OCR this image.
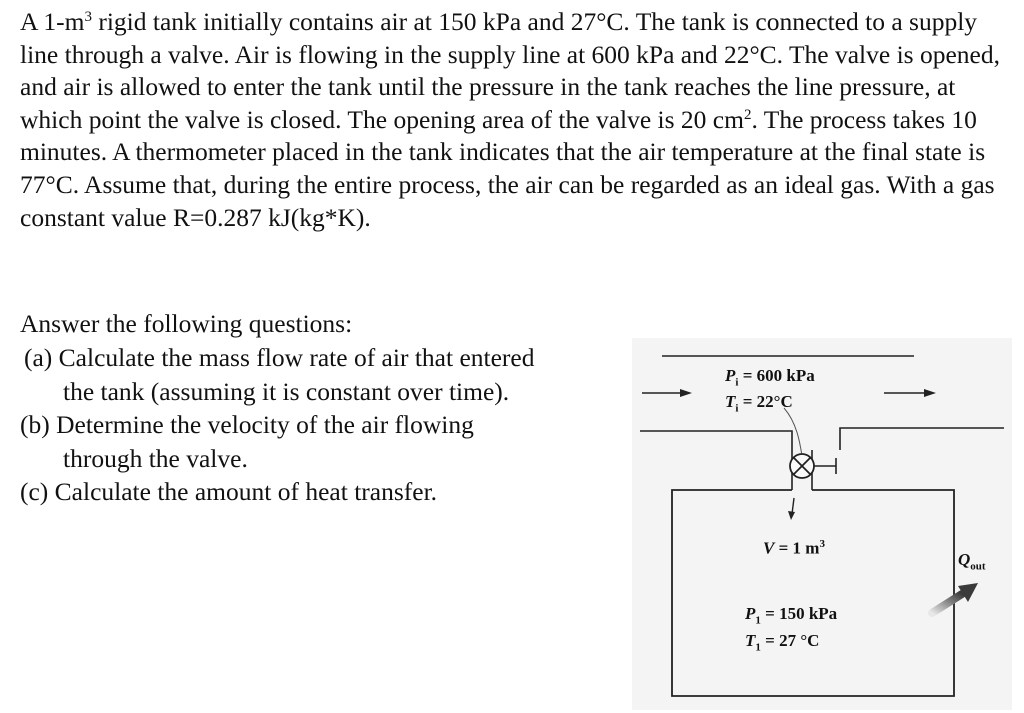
A $1-m^3$ rigid tank initially contains air at 150 kPa and 27°C. The tank is connected to a supply line through a valve. Air is flowing in the supply line at 600 kPa and 22°C. The valve is opened, and air is allowed to enter the tank until the pressure in the tank reaches the line pressure, at which point the valve is closed. The opening area of the valve is 20 $cm^2$. The process takes 10 minutes. A thermometer placed in the tank indicates that the air temperature at the final state is 77°C. Assume that, during the entire process, the air can be regarded as an ideal gas. With a gas constant value R=0.287 kJ(kg*K).

Answer the following questions:

(a) Calculate the mass flow rate of air that entered
the tank (assuming it is constant over time).
(b) Determine the velocity of the air flowing
through the valve.
(c) Calculate the amount of heat transfer.
$P_i = 600$ kPa
$T_i = 22^\circ C$
V = 1 $m^3$
$P_1 = 150$ kPa
$T_1 = 27$ °C
$Q_{out}$
